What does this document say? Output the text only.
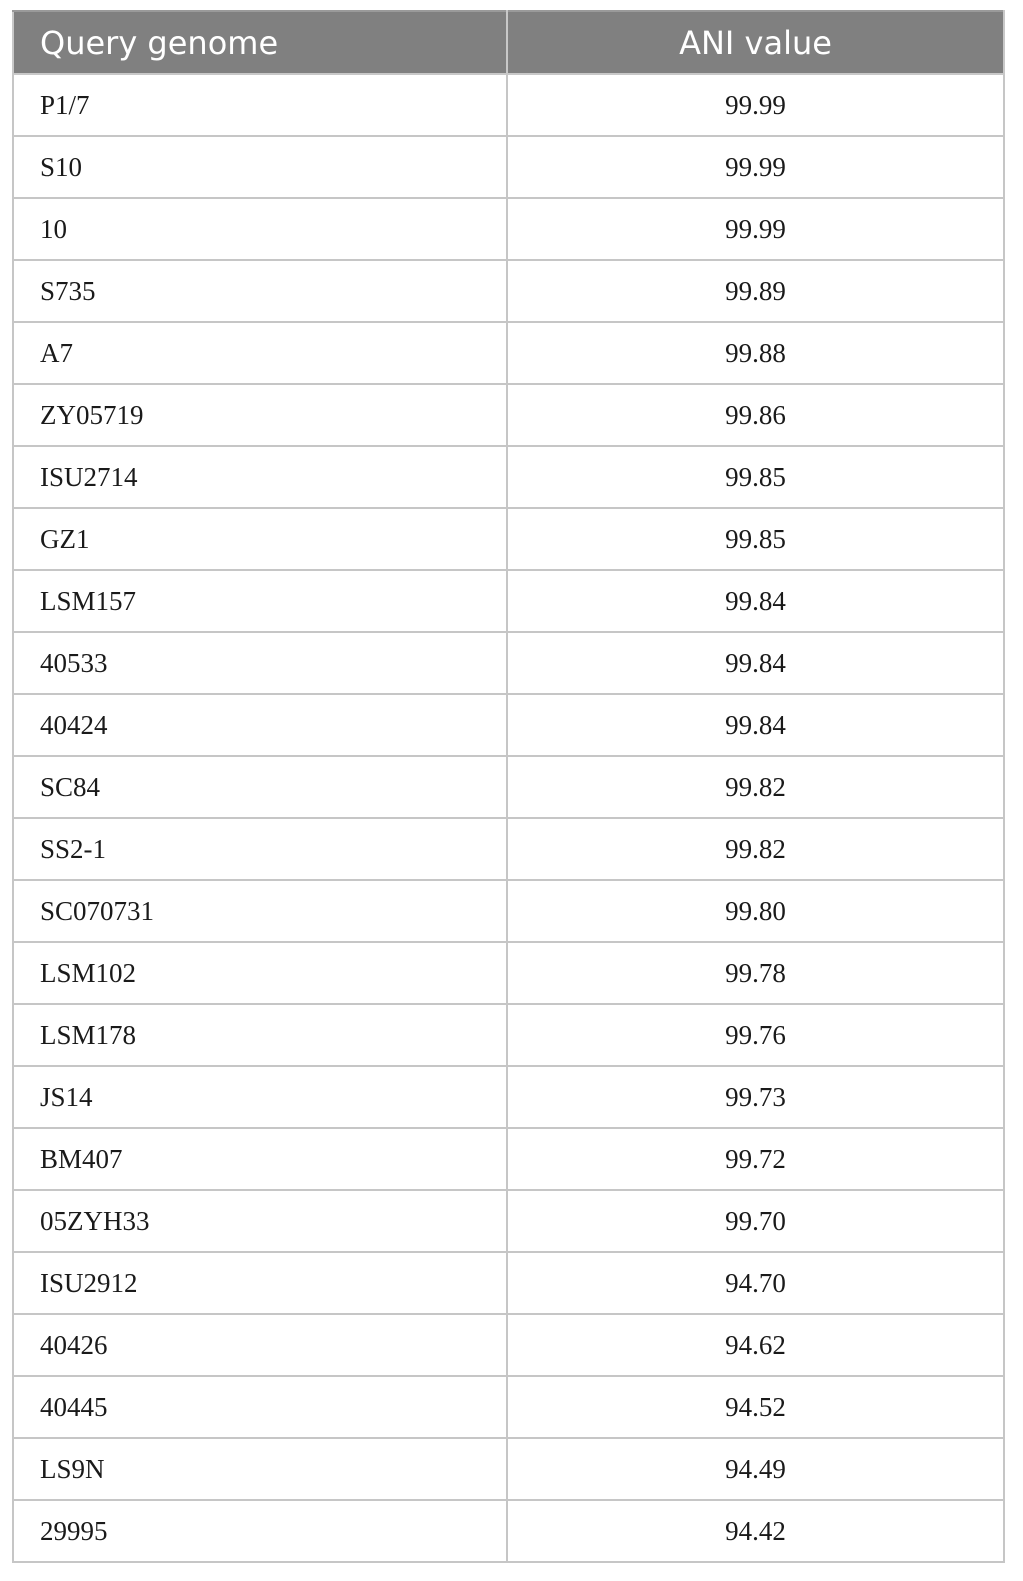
Query genome	ANI value
P1/7	99.99
S10	99.99
10	99.99
S735	99.89
A7	99.88
ZY05719	99.86
ISU2714	99.85
GZ1	99.85
LSM157	99.84
40533	99.84
40424	99.84
SC84	99.82
SS2-1	99.82
SC070731	99.80
LSM102	99.78
LSM178	99.76
JS14	99.73
BM407	99.72
05ZYH33	99.70
ISU2912	94.70
40426	94.62
40445	94.52
LS9N	94.49
29995	94.42
